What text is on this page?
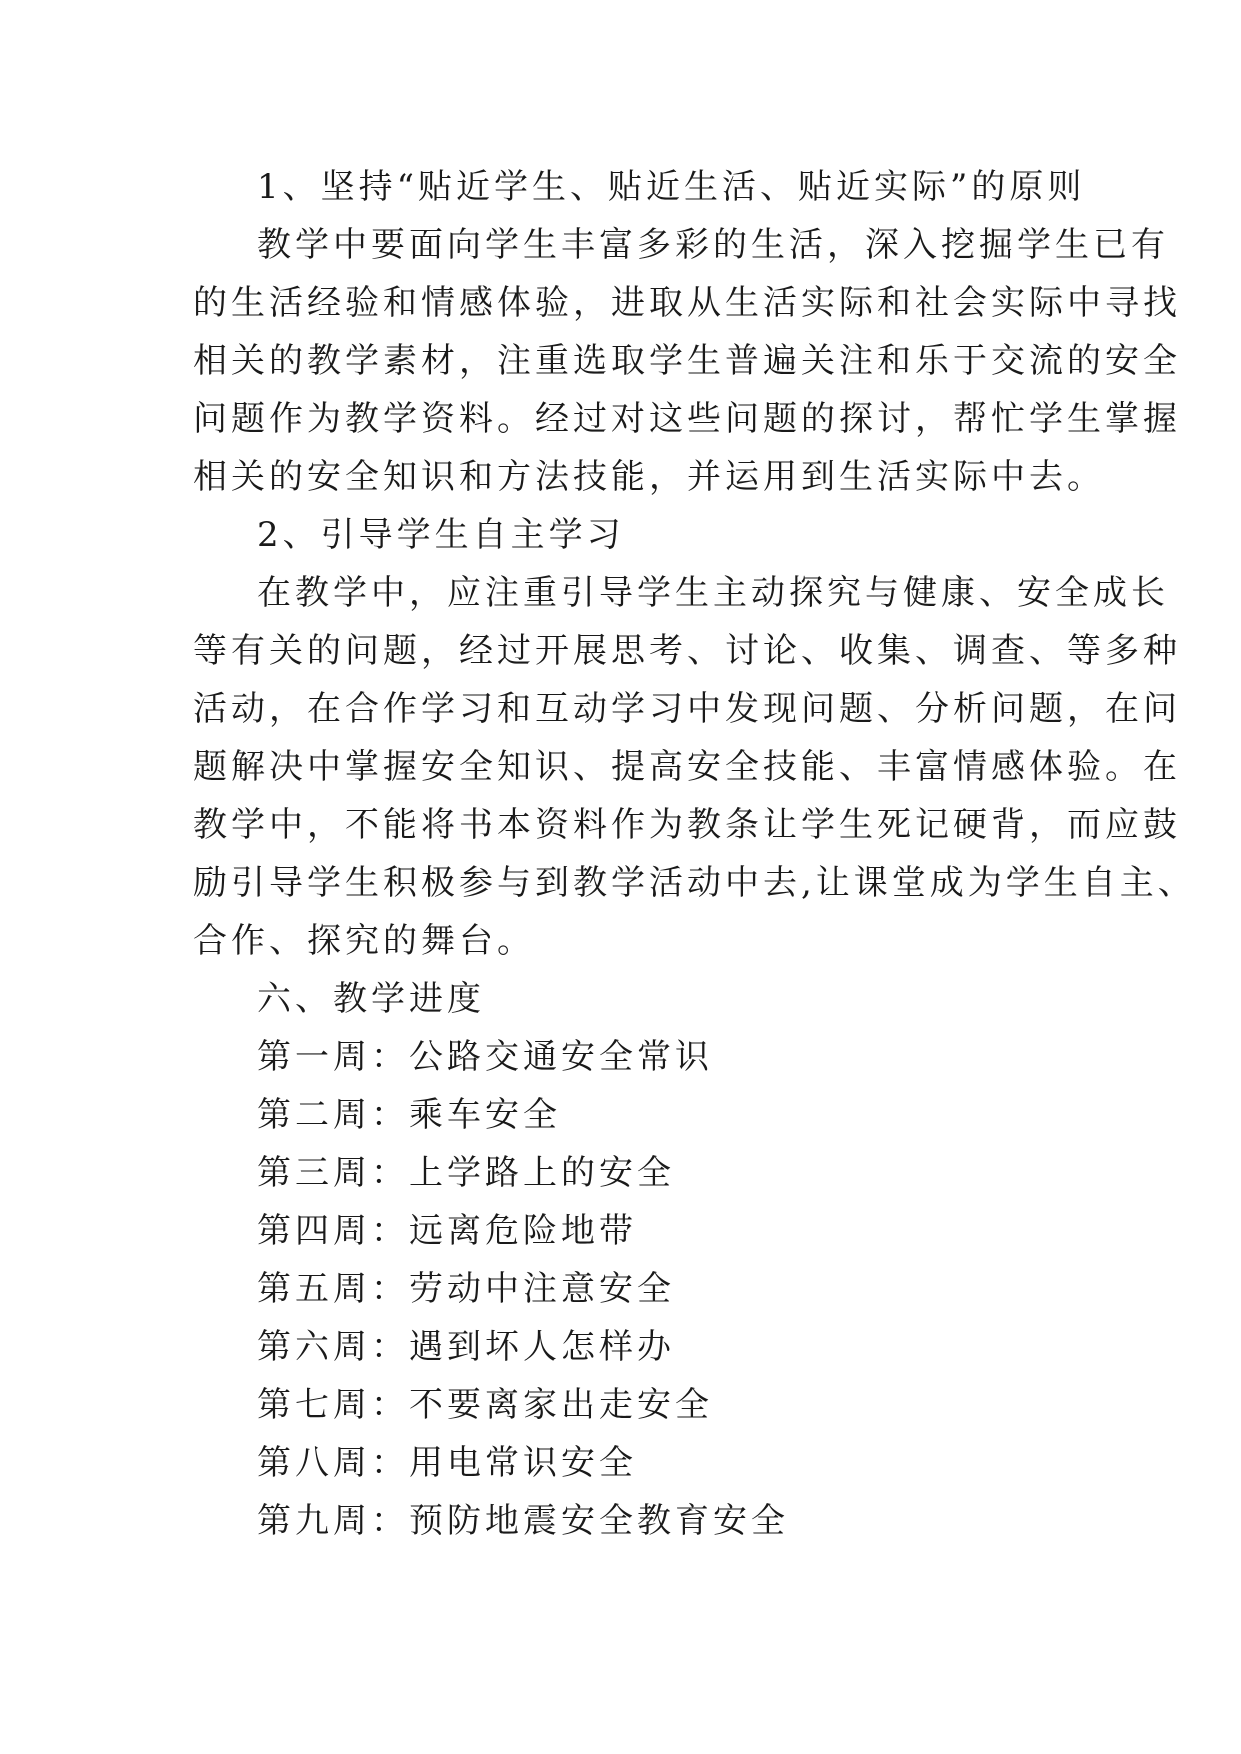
1、坚持“贴近学生、贴近生活、贴近实际”的原则
教学中要面向学生丰富多彩的生活，深入挖掘学生已有
的生活经验和情感体验，进取从生活实际和社会实际中寻找
相关的教学素材，注重选取学生普遍关注和乐于交流的安全
问题作为教学资料。经过对这些问题的探讨，帮忙学生掌握
相关的安全知识和方法技能，并运用到生活实际中去。
2、引导学生自主学习
在教学中，应注重引导学生主动探究与健康、安全成长
等有关的问题，经过开展思考、讨论、收集、调查、等多种
活动，在合作学习和互动学习中发现问题、分析问题，在问
题解决中掌握安全知识、提高安全技能、丰富情感体验。在
教学中，不能将书本资料作为教条让学生死记硬背，而应鼓
励引导学生积极参与到教学活动中去,让课堂成为学生自主、
合作、探究的舞台。
六、教学进度
第一周：公路交通安全常识
第二周：乘车安全
第三周：上学路上的安全
第四周：远离危险地带
第五周：劳动中注意安全
第六周：遇到坏人怎样办
第七周：不要离家出走安全
第八周：用电常识安全
第九周：预防地震安全教育安全
